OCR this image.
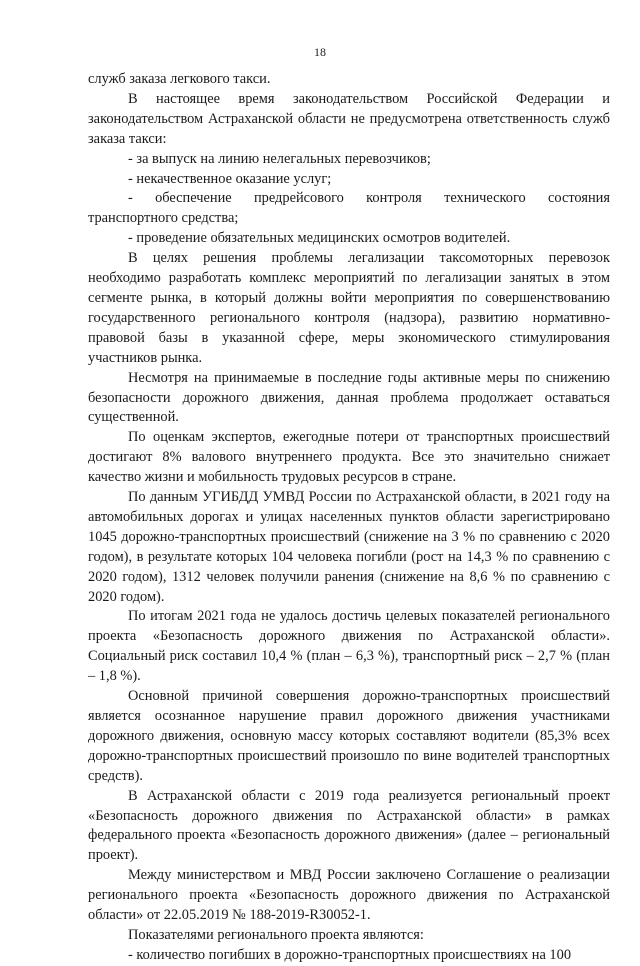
18

служб заказа легкового такси.

В настоящее время законодательством Российской Федерации и законодательством Астраханской области не предусмотрена ответственность служб заказа такси:

- за выпуск на линию нелегальных перевозчиков;

- некачественное оказание услуг;

- обеспечение предрейсового контроля технического состояния транспортного средства;

- проведение обязательных медицинских осмотров водителей.

В целях решения проблемы легализации таксомоторных перевозок необходимо разработать комплекс мероприятий по легализации занятых в этом сегменте рынка, в который должны войти мероприятия по совершенствованию государственного регионального контроля (надзора), развитию нормативно-правовой базы в указанной сфере, меры экономического стимулирования участников рынка.

Несмотря на принимаемые в последние годы активные меры по снижению безопасности дорожного движения, данная проблема продолжает оставаться существенной.

По оценкам экспертов, ежегодные потери от транспортных происшествий достигают 8% валового внутреннего продукта. Все это значительно снижает качество жизни и мобильность трудовых ресурсов в стране.

По данным УГИБДД УМВД России по Астраханской области, в 2021 году на автомобильных дорогах и улицах населенных пунктов области зарегистрировано 1045 дорожно-транспортных происшествий (снижение на 3 % по сравнению с 2020 годом), в результате которых 104 человека погибли (рост на 14,3 % по сравнению с 2020 годом), 1312 человек получили ранения (снижение на 8,6 % по сравнению с 2020 годом).

По итогам 2021 года не удалось достичь целевых показателей регионального проекта «Безопасность дорожного движения по Астраханской области». Социальный риск составил 10,4 % (план – 6,3 %), транспортный риск – 2,7 % (план – 1,8 %).

Основной причиной совершения дорожно-транспортных происшествий является осознанное нарушение правил дорожного движения участниками дорожного движения, основную массу которых составляют водители (85,3% всех дорожно-транспортных происшествий произошло по вине водителей транспортных средств).

В Астраханской области с 2019 года реализуется региональный проект «Безопасность дорожного движения по Астраханской области» в рамках федерального проекта «Безопасность дорожного движения» (далее – региональный проект).

Между министерством и МВД России заключено Соглашение о реализации регионального проекта «Безопасность дорожного движения по Астраханской области» от 22.05.2019 № 188-2019-R30052-1.

Показателями регионального проекта являются:

- количество погибших в дорожно-транспортных происшествиях на 100
